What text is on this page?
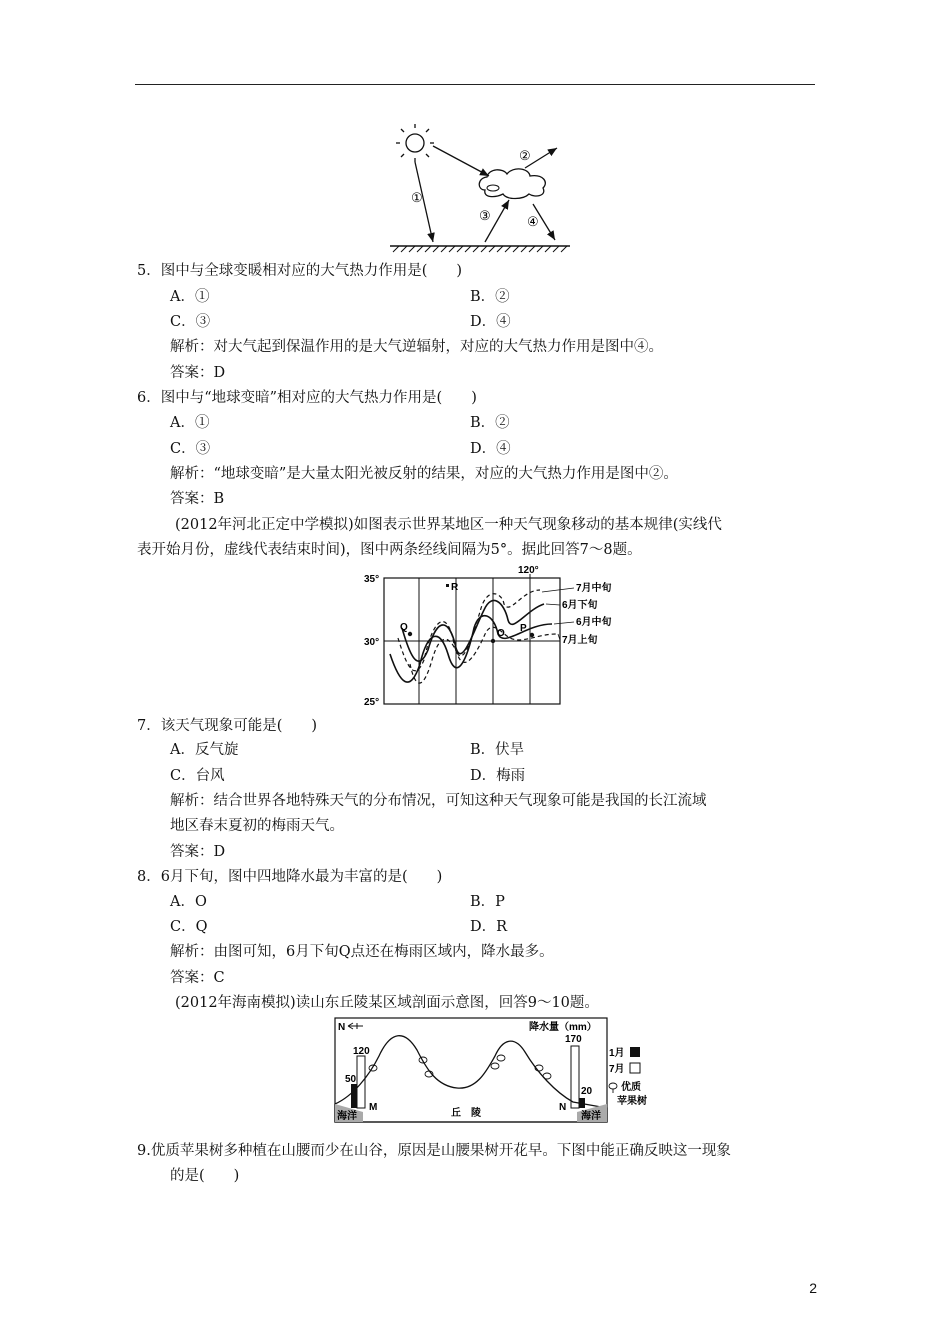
①
②
③	④
5．图中与全球变暖相对应的大气热力作用是(　　)
A．①	B．②
C．③	D．④
解析：对大气起到保温作用的是大气逆辐射，对应的大气热力作用是图中④。
答案：D
6．图中与“地球变暗”相对应的大气热力作用是(　　)
A．①	B．②
C．③	D．④
解析：“地球变暗”是大量太阳光被反射的结果，对应的大气热力作用是图中②。
答案：B
(2012年河北正定中学模拟)如图表示世界某地区一种天气现象移动的基本规律(实线代
表开始月份，虚线代表结束时间)，图中两条经线间隔为5°。据此回答7～8题。
35°
30°
25°
120°
Q
R
O P
7月中旬
6月下旬
6月中旬
7月上旬
7．该天气现象可能是(　　)
A．反气旋	B．伏旱
C．台风	D．梅雨
解析：结合世界各地特殊天气的分布情况，可知这种天气现象可能是我国的长江流域
地区春末夏初的梅雨天气。
答案：D
8．6月下旬，图中四地降水最为丰富的是(　　)
A．O	B．P
C．Q	D．R
解析：由图可知，6月下旬Q点还在梅雨区域内，降水最多。
答案：C
(2012年海南模拟)读山东丘陵某区域剖面示意图，回答9～10题。
N	降水量（mm）
海洋	海洋
丘　陵
120
50
M
170
20
N
1月
7月
优质
苹果树
9.优质苹果树多种植在山腰而少在山谷，原因是山腰果树开花早。下图中能正确反映这一现象
的是(　　)
2
